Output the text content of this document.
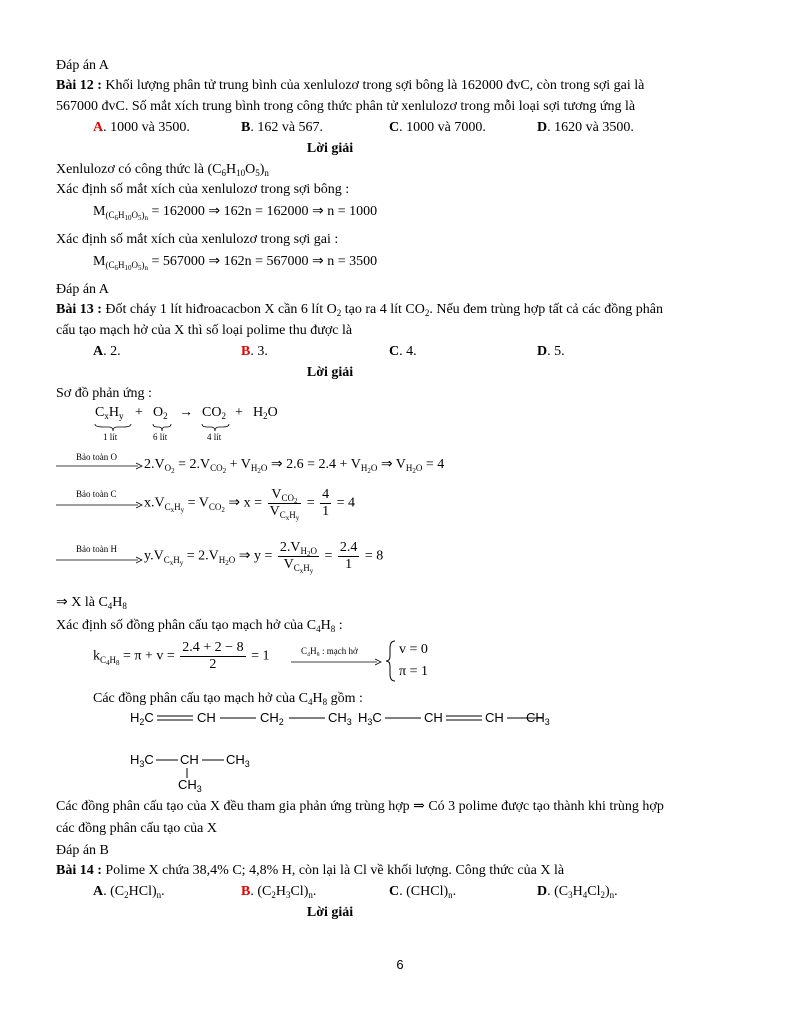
Đáp án A
Bài 12 : Khối lượng phân tử trung bình của xenlulozơ trong sợi bông là 162000 đvC, còn trong sợi gai là
567000 đvC. Số mắt xích trung bình trong công thức phân tử xenlulozơ trong mỗi loại sợi tương ứng là
A. 1000 và 3500.	B. 162 và 567.	C. 1000 và 7000.	D. 1620 và 3500.
Lời giải
Xenlulozơ có công thức là $(C_6H_{10}O_5)_n$
Xác định số mắt xích của xenlulozơ trong sợi bông :
$M_{(C_6H_{10}O_5)_n} = 162000$ ⇒ 162n = 162000 ⇒ n = 1000
Xác định số mắt xích của xenlulozơ trong sợi gai :
$M_{(C_6H_{10}O_5)_n} = 567000$ ⇒ 162n = 567000 ⇒ n = 3500
Đáp án A
Bài 13 : Đốt cháy 1 lít hiđroacacbon X cần 6 lít $O_2$ tạo ra 4 lít $CO_2$. Nếu đem trùng hợp tất cả các đồng phân
cấu tạo mạch hở của X thì số loại polime thu được là
A. 2.	B. 3.	C. 4.	D. 5.
Lời giải
Sơ đồ phản ứng :
$C_xH_y + O_2 \to CO_2 + H_2O$
1 lít	6 lít	4 lít
Bảo toàn O $2.V_{O_2} = 2.V_{CO_2} + V_{H_2O}$ ⇒ $2.6 = 2.4 + V_{H_2O}$ ⇒ $V_{H_2O} = 4$
Bảo toàn C
$x.V_{C_xH_y} = V_{CO_2}$ ⇒ $x = \frac{V_{CO_2}}{V_{C_xH_y}} = \frac{4}{1} = 4$
Bảo toàn H $y.V_{C_xH_y} = 2.V_{H_2O}$ ⇒ $y = \frac{2.V_{H_2O}}{V_{C_xH_y}} = \frac{2.4}{1} = 8$
⇒ X là $C_4H_8$
Xác định số đồng phân cấu tạo mạch hở của $C_4H_8$ :
$k_{C_4H_8} = \pi + v = \frac{2.4 + 2 - 8}{2} = 1$	C₄H₈ : mạch hở	v = 0
π = 1
Các đồng phân cấu tạo mạch hở của $C_4H_8$ gồm :
$H_2C$	CH	$CH_2$	$CH_3$ $H_3C$	CH	CH $CH_3$
$H_3C$ CH $CH_3$
$CH_3$
Các đồng phân cấu tạo của X đều tham gia phản ứng trùng hợp ⇒ Có 3 polime được tạo thành khi trùng hợp
các đồng phân cấu tạo của X
Đáp án B
Bài 14 : Polime X chứa 38,4% C; 4,8% H, còn lại là Cl về khối lượng. Công thức của X là
A. $(C_2HCl)_n$.	B. $(C_2H_3Cl)_n$.	C. $(CHCl)_n$.	D. $(C_3H_4Cl_2)_n$.
Lời giải
6
